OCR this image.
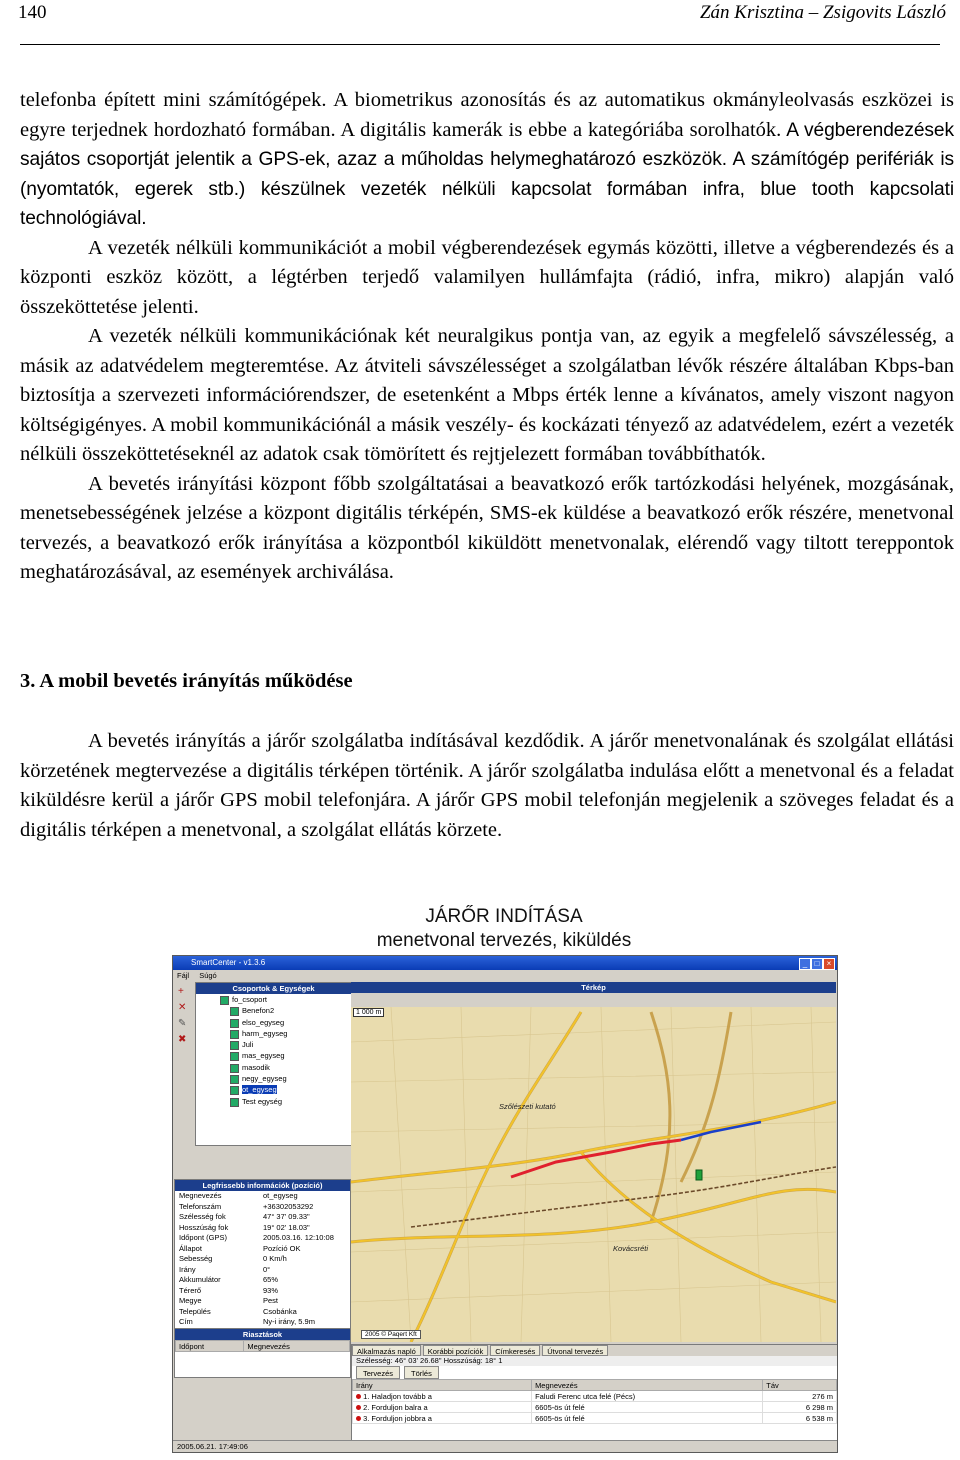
140	Zán Krisztina – Zsigovits László

telefonba épített mini számítógépek. A biometrikus azonosítás és az automatikus okmányleolvasás eszközei is egyre terjednek hordozható formában. A digitális kamerák is ebbe a kategóriába sorolhatók. A végberendezések sajátos csoportját jelentik a GPS-ek, azaz a műholdas helymeghatározó eszközök. A számítógép perifériák is (nyomtatók, egerek stb.) készülnek vezeték nélküli kapcsolat formában infra, blue tooth kapcsolati technológiával.

A vezeték nélküli kommunikációt a mobil végberendezések egymás közötti, illetve a végberendezés és a központi eszköz között, a légtérben terjedő valamilyen hullámfajta (rádió, infra, mikro) alapján való összeköttetése jelenti.

A vezeték nélküli kommunikációnak két neuralgikus pontja van, az egyik a megfelelő sávszélesség, a másik az adatvédelem megteremtése. Az átviteli sávszélességet a szolgálatban lévők részére általában Kbps-ban biztosítja a szervezeti információrendszer, de esetenként a Mbps érték lenne a kívánatos, amely viszont nagyon költségigényes. A mobil kommunikációnál a másik veszély- és kockázati tényező az adatvédelem, ezért a vezeték nélküli összeköttetéseknél az adatok csak tömörített és rejtjelezett formában továbbíthatók.

A bevetés irányítási központ főbb szolgáltatásai a beavatkozó erők tartózkodási helyének, mozgásának, menetsebességének jelzése a központ digitális térképén, SMS-ek küldése a beavatkozó erők részére, menetvonal tervezés, a beavatkozó erők irányítása a központból kiküldött menetvonalak, elérendő vagy tiltott tereppontok meghatározásával, az események archiválása.

3. A mobil bevetés irányítás működése

A bevetés irányítás a járőr szolgálatba indításával kezdődik. A járőr menetvonalának és szolgálat ellátási körzetének megtervezése a digitális térképen történik. A járőr szolgálatba indulása előtt a menetvonal és a feladat kiküldésre kerül a járőr GPS mobil telefonjára. A járőr GPS mobil telefonján megjelenik a szöveges feladat és a digitális térképen a menetvonal, a szolgálat ellátás körzete.

JÁRŐR INDÍTÁSA
menetvonal tervezés, kiküldés
SmartCenter - v1.3.6	_ □ ×
Fájl Súgó
+
✕
✎
✖
Csoportok & Egységek
fo_csoport
Benefon2
elso_egyseg
harm_egyseg
Juli
mas_egyseg
masodik
negy_egyseg
ot_egyseg
Test egység
Legfrissebb információk (pozíció)
Megnevezés	ot_egyseg
Telefonszám	+36302053292
Szélesség fok	47° 37' 09.33"
Hosszúság fok	19° 02' 18.03"
Időpont (GPS)	2005.03.16. 12:10:08
Állapot	Pozíció OK
Sebesség	0 Km/h
Irány	0°
Akkumulátor	65%
Térerő	93%
Megye	Pest
Település	Csobánka
Cím	Ny-i irány, 5.9m
Riasztások
Időpont	Megnevezés
Térkép
1 000 m
Szőlészeti kutató
Kovácsréti
2005 © Paqert Kft
Alkalmazás napló	Korábbi pozíciók	Címkeresés	Útvonal tervezés
Szélesség: 46° 03' 26.68" Hosszúság: 18° 1
Tervezés	Törlés
Irány	Megnevezés	Táv
1. Haladjon tovább a	Faludi Ferenc utca felé (Pécs)	276 m
2. Forduljon balra a	6605-ös út felé	6 298 m
3. Forduljon jobbra a	6605-ös út felé	6 538 m
2005.06.21. 17:49:06
